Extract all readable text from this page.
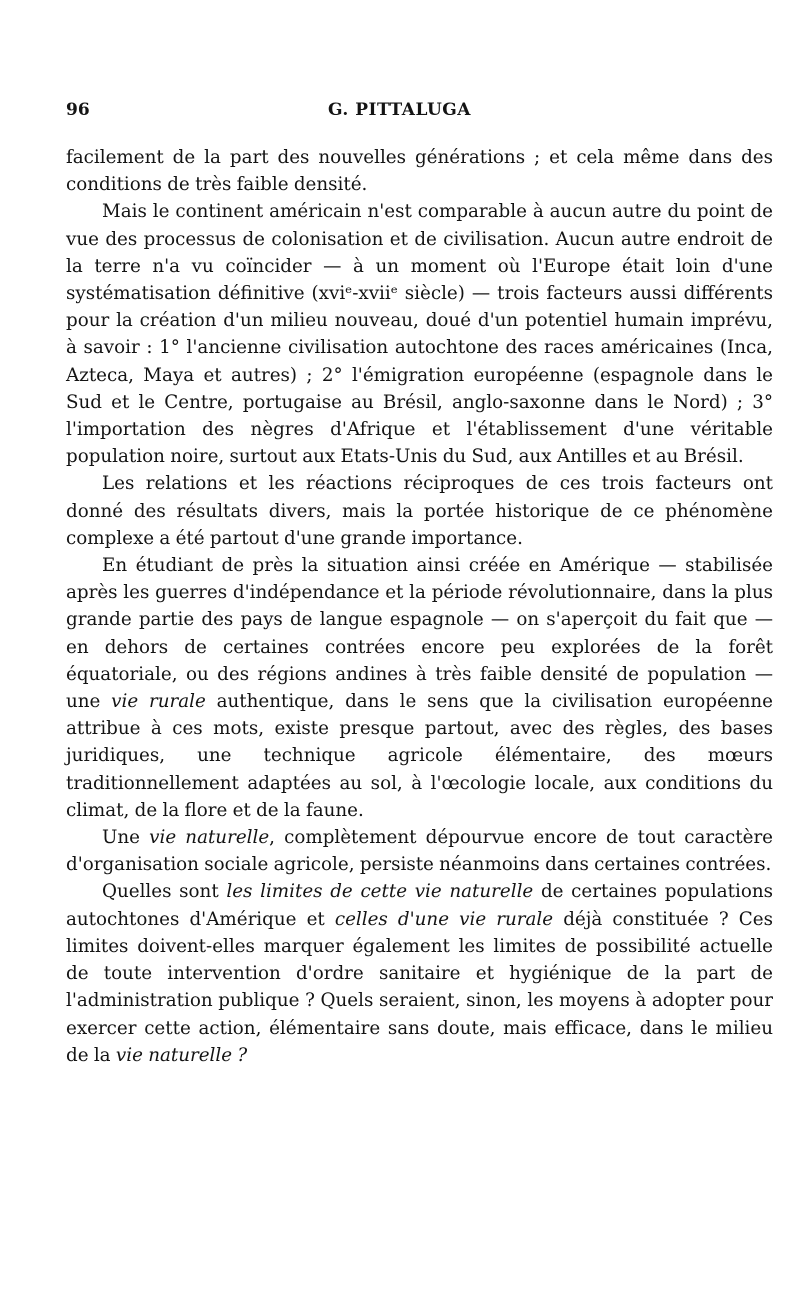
96	G. PITTALUGA

facilement de la part des nouvelles générations ; et cela même dans des conditions de très faible densité.

Mais le continent américain n'est comparable à aucun autre du point de vue des processus de colonisation et de civilisation. Aucun autre endroit de la terre n'a vu coïncider — à un moment où l'Europe était loin d'une systématisation définitive (xviᵉ-xviiᵉ siècle) — trois facteurs aussi différents pour la création d'un milieu nouveau, doué d'un potentiel humain imprévu, à savoir : 1° l'ancienne civilisation autochtone des races américaines (Inca, Azteca, Maya et autres) ; 2° l'émigration européenne (espagnole dans le Sud et le Centre, portugaise au Brésil, anglo-saxonne dans le Nord) ; 3° l'importation des nègres d'Afrique et l'établissement d'une véritable population noire, surtout aux Etats-Unis du Sud, aux Antilles et au Brésil.

Les relations et les réactions réciproques de ces trois facteurs ont donné des résultats divers, mais la portée historique de ce phénomène complexe a été partout d'une grande importance.

En étudiant de près la situation ainsi créée en Amérique — stabilisée après les guerres d'indépendance et la période révolutionnaire, dans la plus grande partie des pays de langue espagnole — on s'aperçoit du fait que — en dehors de certaines contrées encore peu explorées de la forêt équatoriale, ou des régions andines à très faible densité de population — une vie rurale authentique, dans le sens que la civilisation européenne attribue à ces mots, existe presque partout, avec des règles, des bases juridiques, une technique agricole élémentaire, des mœurs traditionnellement adaptées au sol, à l'œcologie locale, aux conditions du climat, de la flore et de la faune.

Une vie naturelle, complètement dépourvue encore de tout caractère d'organisation sociale agricole, persiste néanmoins dans certaines contrées.

Quelles sont les limites de cette vie naturelle de certaines populations autochtones d'Amérique et celles d'une vie rurale déjà constituée ? Ces limites doivent-elles marquer également les limites de possibilité actuelle de toute intervention d'ordre sanitaire et hygiénique de la part de l'administration publique ? Quels seraient, sinon, les moyens à adopter pour exercer cette action, élémentaire sans doute, mais efficace, dans le milieu de la vie naturelle ?
